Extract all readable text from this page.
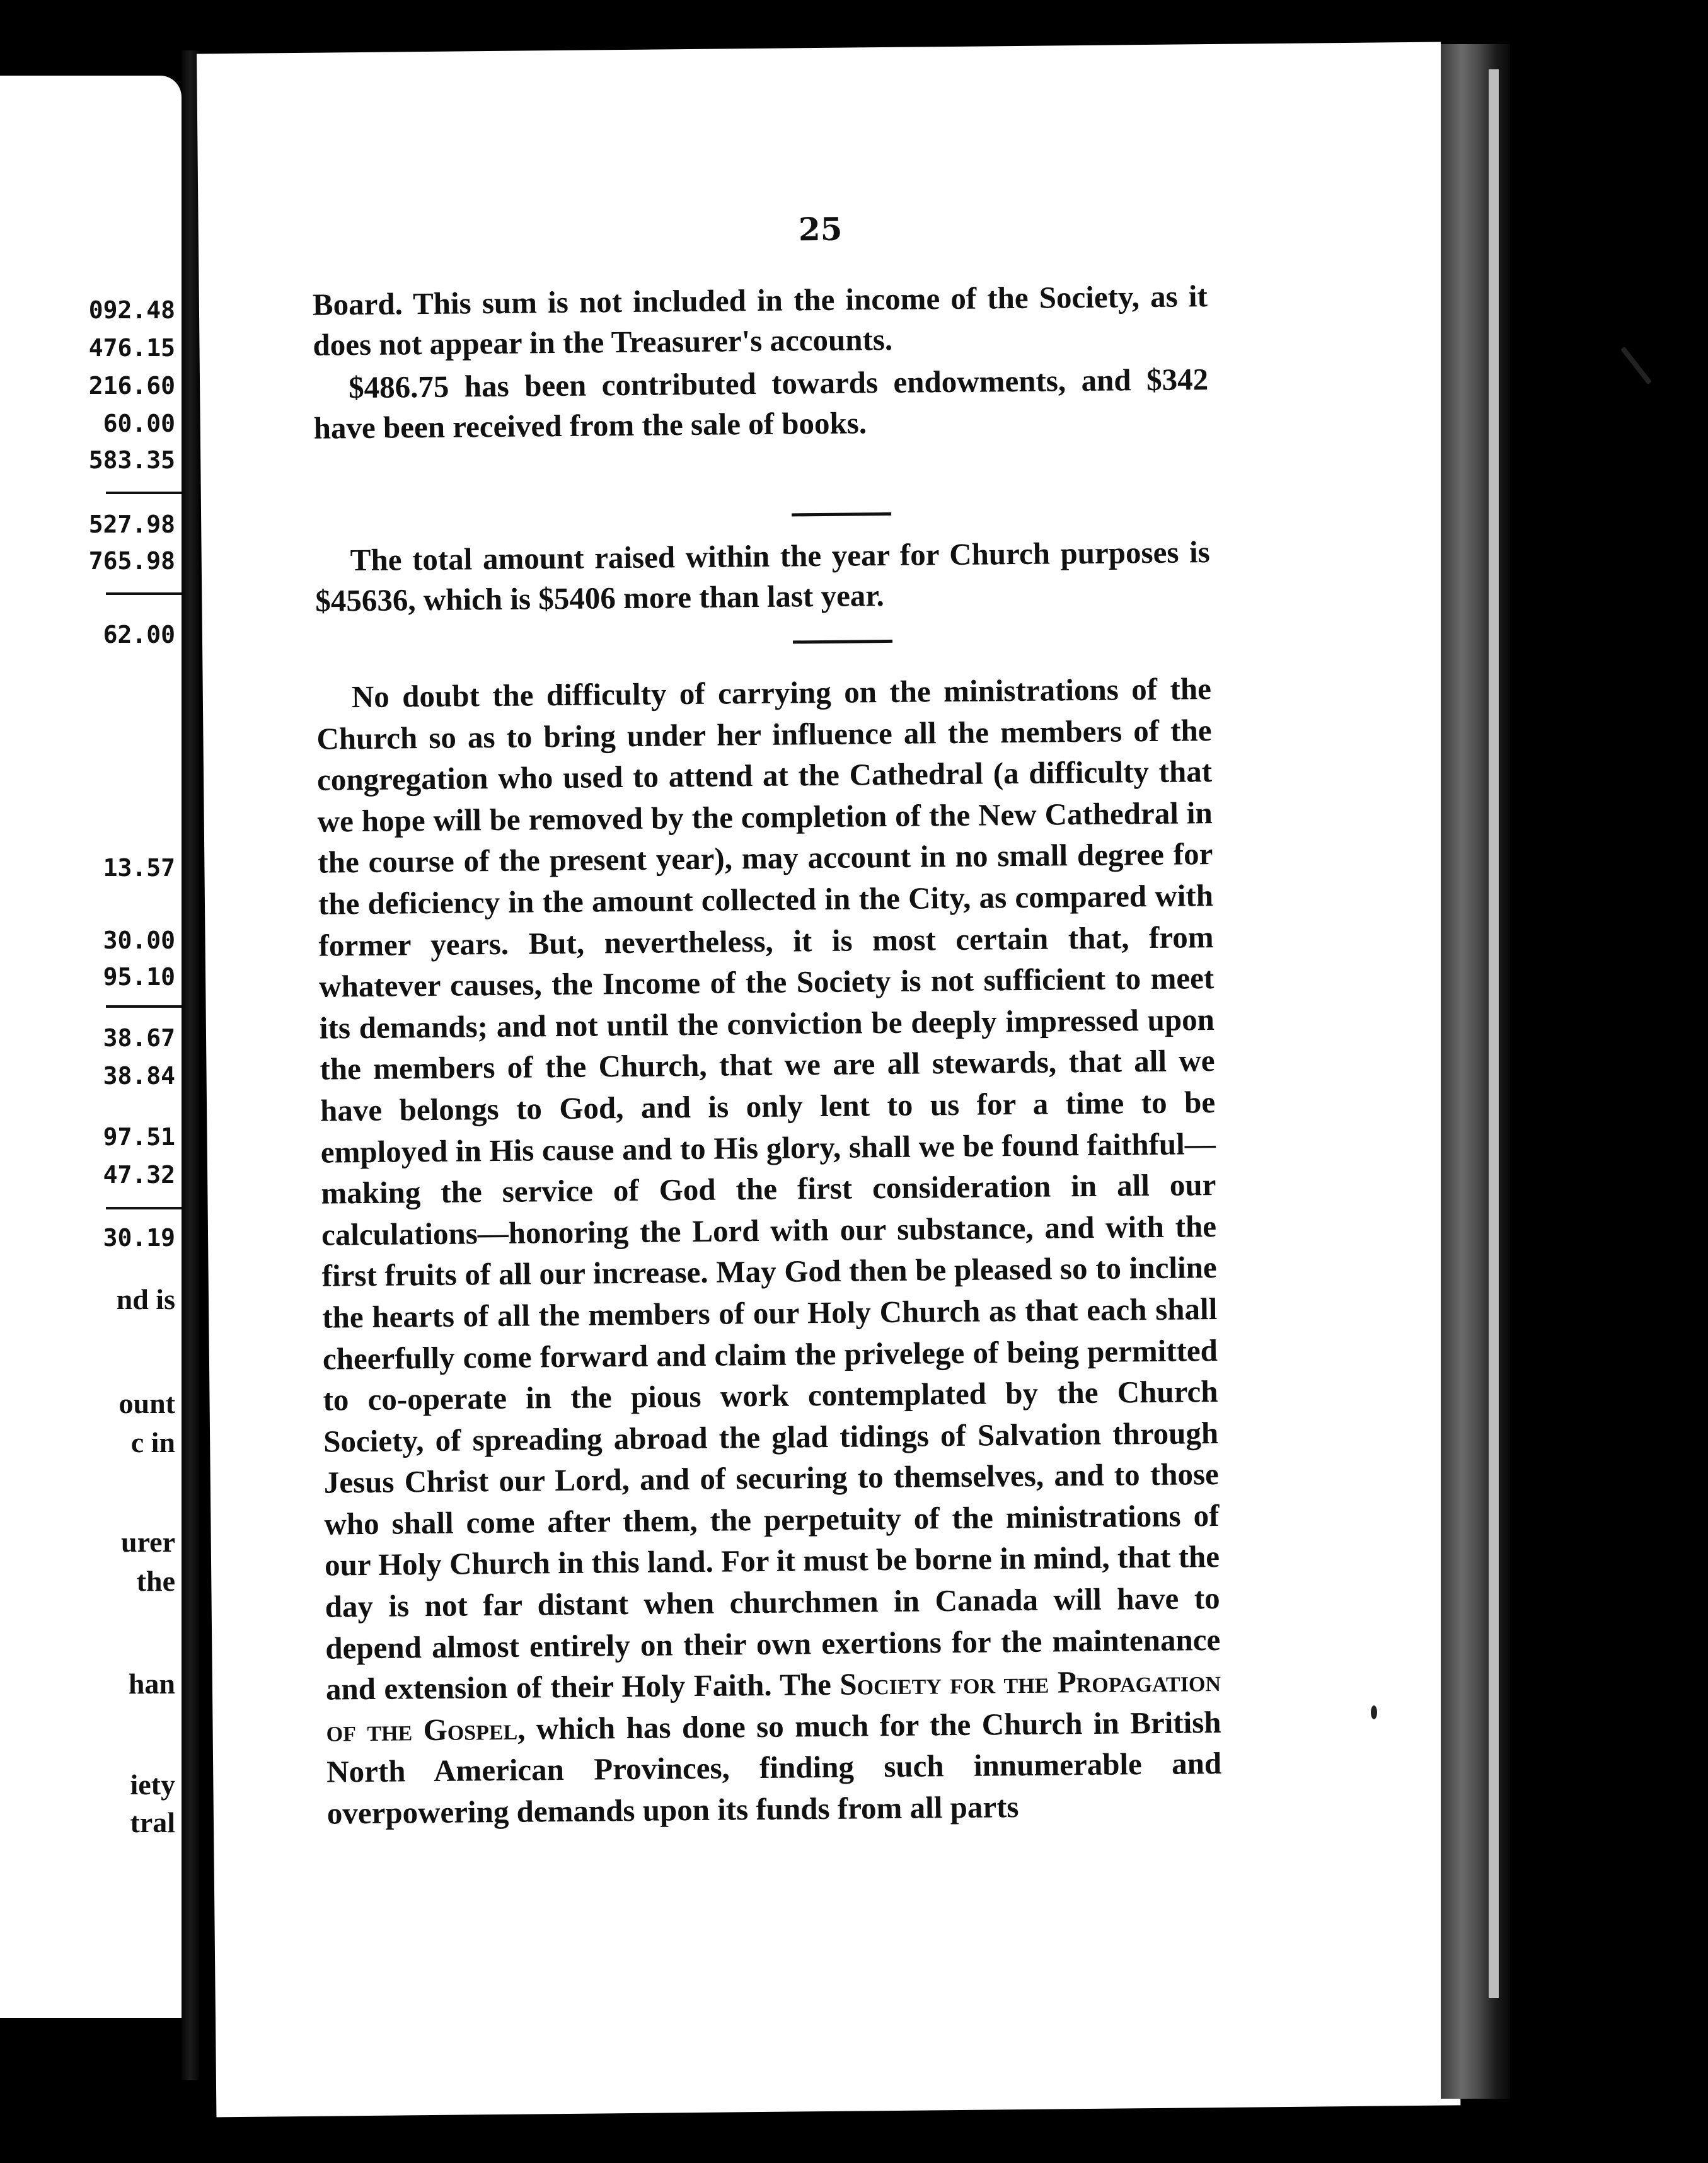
092.48
476.15
216.60
60.00
583.35
527.98
765.98
62.00
13.57
30.00
95.10
38.67
38.84
97.51
47.32
30.19
nd is
ount
c in
urer
the
han
iety
tral
25

Board. This sum is not included in the income of the Society, as it does not appear in the Treasurer's accounts.

$486.75 has been contributed towards endowments, and $342 have been received from the sale of books.

The total amount raised within the year for Church purposes is $45636, which is $5406 more than last year.

No doubt the difficulty of carrying on the ministrations of the Church so as to bring under her influence all the members of the congregation who used to attend at the Cathedral (a difficulty that we hope will be removed by the completion of the New Cathedral in the course of the present year), may account in no small degree for the deficiency in the amount collected in the City, as compared with former years. But, nevertheless, it is most certain that, from whatever causes, the Income of the Society is not sufficient to meet its demands; and not until the conviction be deeply impressed upon the members of the Church, that we are all stewards, that all we have belongs to God, and is only lent to us for a time to be employed in His cause and to His glory, shall we be found faithful—making the service of God the first consideration in all our calculations—honoring the Lord with our substance, and with the first fruits of all our increase. May God then be pleased so to incline the hearts of all the members of our Holy Church as that each shall cheerfully come forward and claim the privelege of being permitted to co-operate in the pious work contemplated by the Church Society, of spreading abroad the glad tidings of Salvation through Jesus Christ our Lord, and of securing to themselves, and to those who shall come after them, the perpetuity of the ministrations of our Holy Church in this land. For it must be borne in mind, that the day is not far distant when churchmen in Canada will have to depend almost entirely on their own exertions for the maintenance and extension of their Holy Faith. The Society for the Propagation of the Gospel, which has done so much for the Church in British North American Provinces, finding such innumerable and overpowering demands upon its funds from all parts
